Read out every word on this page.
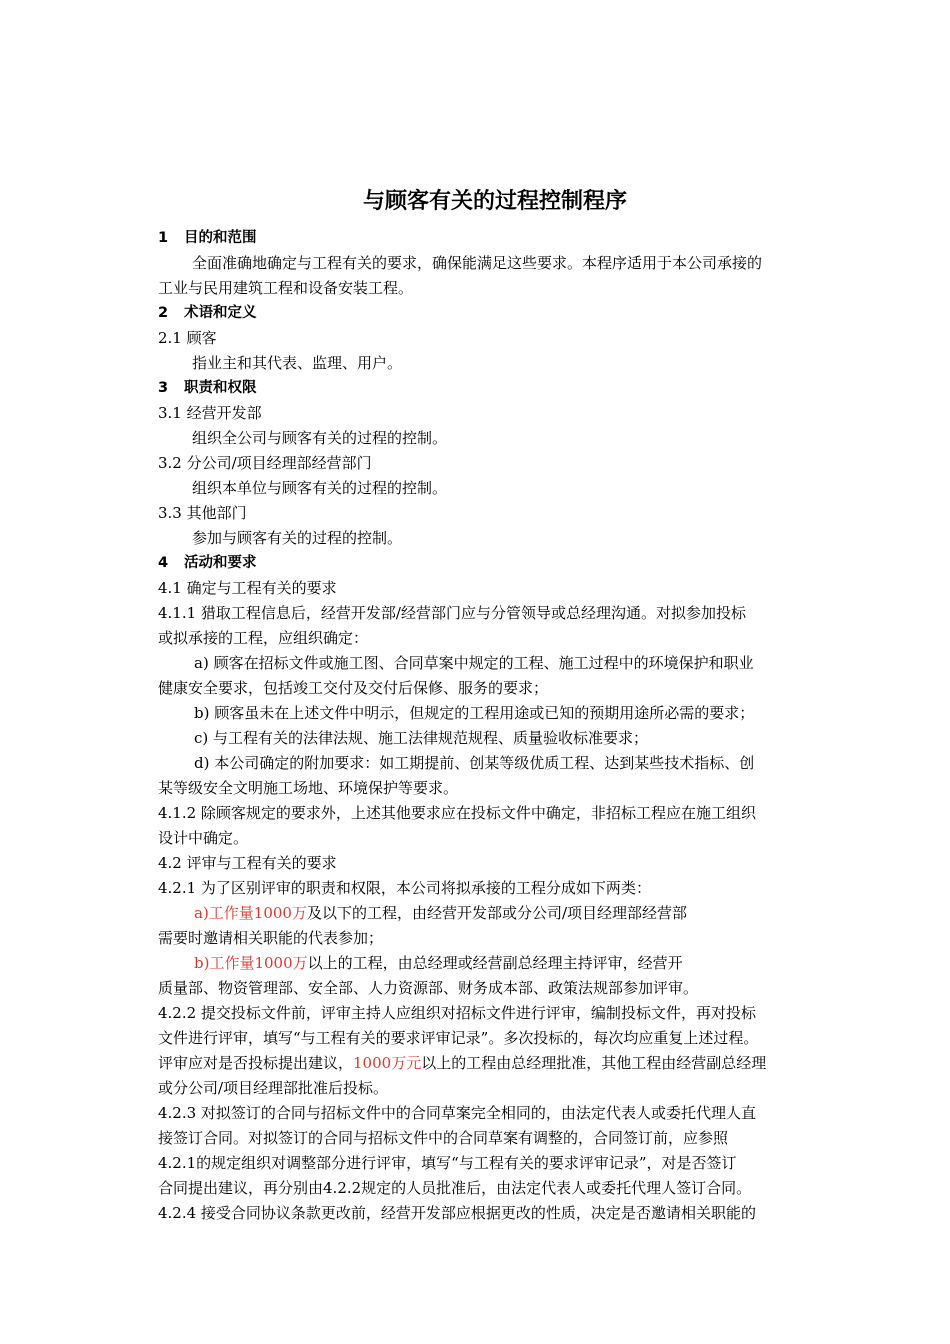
与顾客有关的过程控制程序
1 目的和范围
全面准确地确定与工程有关的要求，确保能满足这些要求。本程序适用于本公司承接的
工业与民用建筑工程和设备安装工程。
2 术语和定义
2.1 顾客
指业主和其代表、监理、用户。
3 职责和权限
3.1 经营开发部
组织全公司与顾客有关的过程的控制。
3.2 分公司/项目经理部经营部门
组织本单位与顾客有关的过程的控制。
3.3 其他部门
参加与顾客有关的过程的控制。
4 活动和要求
4.1 确定与工程有关的要求
4.1.1 猎取工程信息后，经营开发部/经营部门应与分管领导或总经理沟通。对拟参加投标
或拟承接的工程，应组织确定：
a) 顾客在招标文件或施工图、合同草案中规定的工程、施工过程中的环境保护和职业
健康安全要求，包括竣工交付及交付后保修、服务的要求；
b) 顾客虽未在上述文件中明示，但规定的工程用途或已知的预期用途所必需的要求；
c) 与工程有关的法律法规、施工法律规范规程、质量验收标准要求；
d) 本公司确定的附加要求：如工期提前、创某等级优质工程、达到某些技术指标、创
某等级安全文明施工场地、环境保护等要求。
4.1.2 除顾客规定的要求外，上述其他要求应在投标文件中确定，非招标工程应在施工组织
设计中确定。
4.2 评审与工程有关的要求
4.2.1 为了区别评审的职责和权限，本公司将拟承接的工程分成如下两类：
a)工作量1000万及以下的工程，由经营开发部或分公司/项目经理部经营部
需要时邀请相关职能的代表参加；
b)工作量1000万以上的工程，由总经理或经营副总经理主持评审，经营开
质量部、物资管理部、安全部、人力资源部、财务成本部、政策法规部参加评审。
4.2.2 提交投标文件前，评审主持人应组织对招标文件进行评审，编制投标文件，再对投标
文件进行评审，填写“与工程有关的要求评审记录”。多次投标的，每次均应重复上述过程。
评审应对是否投标提出建议，1000万元以上的工程由总经理批准，其他工程由经营副总经理
或分公司/项目经理部批准后投标。
4.2.3 对拟签订的合同与招标文件中的合同草案完全相同的，由法定代表人或委托代理人直
接签订合同。对拟签订的合同与招标文件中的合同草案有调整的，合同签订前，应参照
4.2.1的规定组织对调整部分进行评审，填写“与工程有关的要求评审记录”，对是否签订
合同提出建议，再分别由4.2.2规定的人员批准后，由法定代表人或委托代理人签订合同。
4.2.4 接受合同协议条款更改前，经营开发部应根据更改的性质，决定是否邀请相关职能的
